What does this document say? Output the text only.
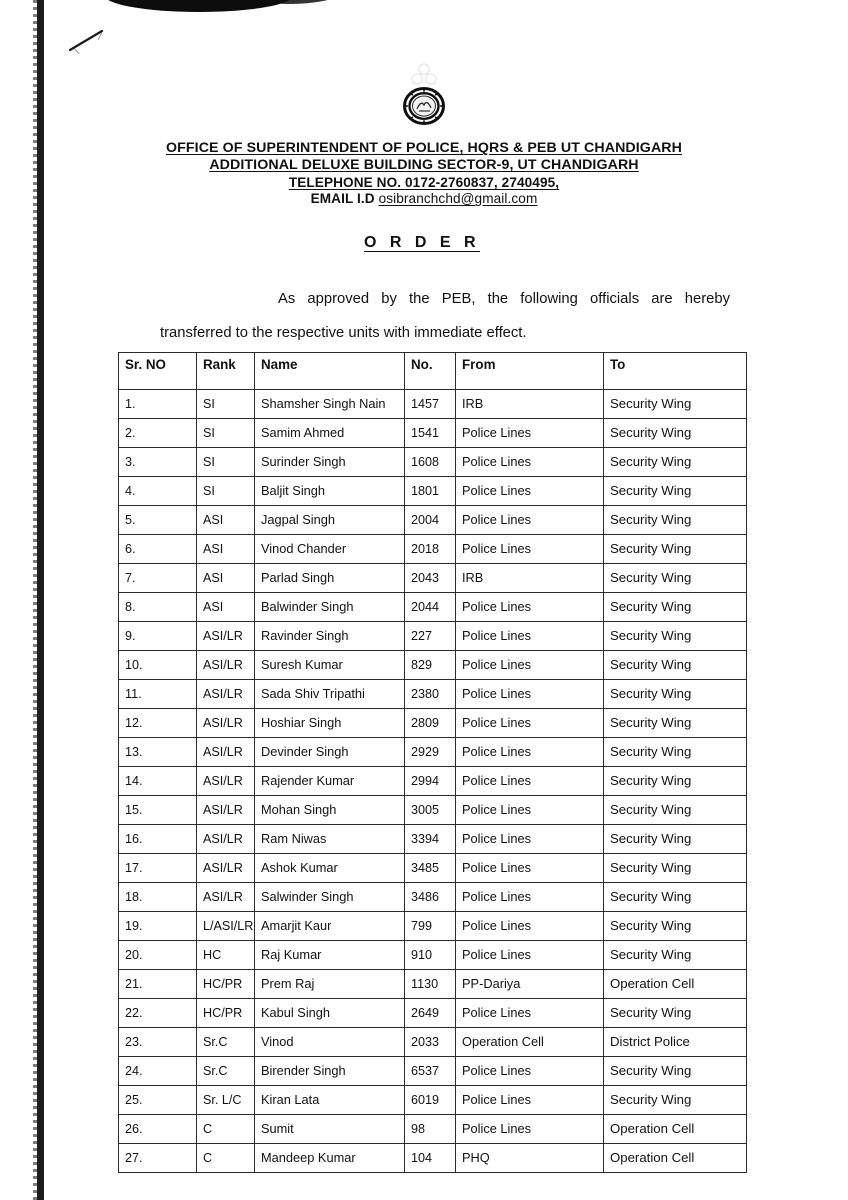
OFFICE OF SUPERINTENDENT OF POLICE, HQRS & PEB UT CHANDIGARH
ADDITIONAL DELUXE BUILDING SECTOR-9, UT CHANDIGARH
TELEPHONE NO. 0172-2760837, 2740495,
EMAIL I.D osibranchchd@gmail.com
O R D E R
As approved by the PEB, the following officials are hereby transferred to the respective units with immediate effect.
Sr. NO	Rank	Name	No.	From	To
1.	SI	Shamsher Singh Nain	1457	IRB	Security Wing
2.	SI	Samim Ahmed	1541	Police Lines	Security Wing
3.	SI	Surinder Singh	1608	Police Lines	Security Wing
4.	SI	Baljit Singh	1801	Police Lines	Security Wing
5.	ASI	Jagpal Singh	2004	Police Lines	Security Wing
6.	ASI	Vinod Chander	2018	Police Lines	Security Wing
7.	ASI	Parlad Singh	2043	IRB	Security Wing
8.	ASI	Balwinder Singh	2044	Police Lines	Security Wing
9.	ASI/LR	Ravinder Singh	227	Police Lines	Security Wing
10.	ASI/LR	Suresh Kumar	829	Police Lines	Security Wing
11.	ASI/LR	Sada Shiv Tripathi	2380	Police Lines	Security Wing
12.	ASI/LR	Hoshiar Singh	2809	Police Lines	Security Wing
13.	ASI/LR	Devinder Singh	2929	Police Lines	Security Wing
14.	ASI/LR	Rajender Kumar	2994	Police Lines	Security Wing
15.	ASI/LR	Mohan Singh	3005	Police Lines	Security Wing
16.	ASI/LR	Ram Niwas	3394	Police Lines	Security Wing
17.	ASI/LR	Ashok Kumar	3485	Police Lines	Security Wing
18.	ASI/LR	Salwinder Singh	3486	Police Lines	Security Wing
19.	L/ASI/LR	Amarjit Kaur	799	Police Lines	Security Wing
20.	HC	Raj Kumar	910	Police Lines	Security Wing
21.	HC/PR	Prem Raj	1130	PP-Dariya	Operation Cell
22.	HC/PR	Kabul Singh	2649	Police Lines	Security Wing
23.	Sr.C	Vinod	2033	Operation Cell	District Police
24.	Sr.C	Birender Singh	6537	Police Lines	Security Wing
25.	Sr. L/C	Kiran Lata	6019	Police Lines	Security Wing
26.	C	Sumit	98	Police Lines	Operation Cell
27.	C	Mandeep Kumar	104	PHQ	Operation Cell
